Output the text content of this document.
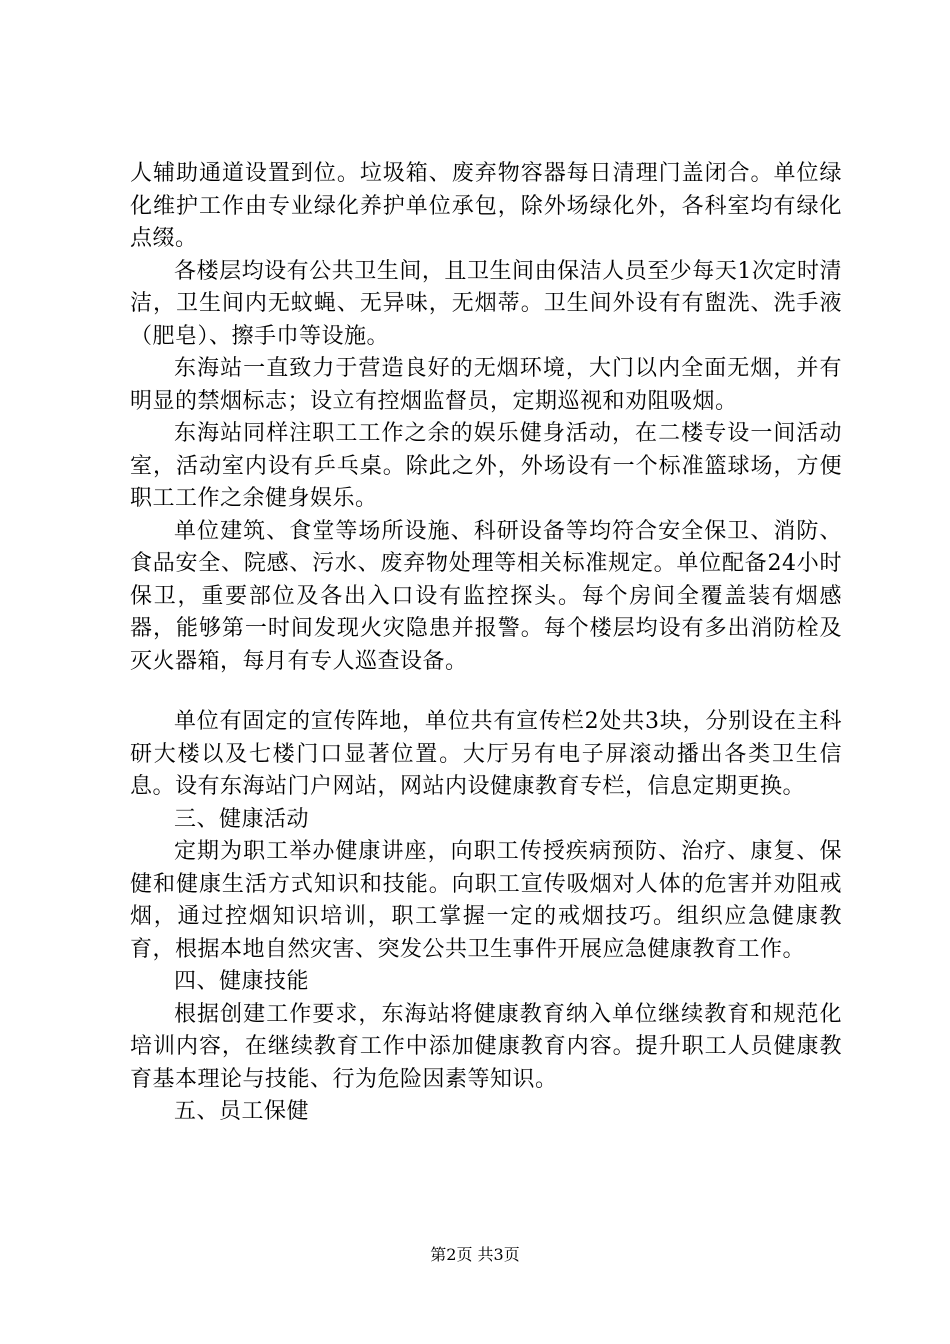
人辅助通道设置到位。垃圾箱、废弃物容器每日清理门盖闭合。单位绿化维护工作由专业绿化养护单位承包，除外场绿化外，各科室均有绿化点缀。

各楼层均设有公共卫生间，且卫生间由保洁人员至少每天1次定时清洁，卫生间内无蚊蝇、无异味，无烟蒂。卫生间外设有有盥洗、洗手液（肥皂）、擦手巾等设施。

东海站一直致力于营造良好的无烟环境，大门以内全面无烟，并有明显的禁烟标志；设立有控烟监督员，定期巡视和劝阻吸烟。

东海站同样注职工工作之余的娱乐健身活动，在二楼专设一间活动室，活动室内设有乒乓桌。除此之外，外场设有一个标准篮球场，方便职工工作之余健身娱乐。

单位建筑、食堂等场所设施、科研设备等均符合安全保卫、消防、食品安全、院感、污水、废弃物处理等相关标准规定。单位配备24小时保卫，重要部位及各出入口设有监控探头。每个房间全覆盖装有烟感器，能够第一时间发现火灾隐患并报警。每个楼层均设有多出消防栓及灭火器箱，每月有专人巡查设备。

单位有固定的宣传阵地，单位共有宣传栏2处共3块，分别设在主科研大楼以及七楼门口显著位置。大厅另有电子屏滚动播出各类卫生信息。设有东海站门户网站，网站内设健康教育专栏，信息定期更换。

三、健康活动

定期为职工举办健康讲座，向职工传授疾病预防、治疗、康复、保健和健康生活方式知识和技能。向职工宣传吸烟对人体的危害并劝阻戒烟，通过控烟知识培训，职工掌握一定的戒烟技巧。组织应急健康教育，根据本地自然灾害、突发公共卫生事件开展应急健康教育工作。

四、健康技能

根据创建工作要求，东海站将健康教育纳入单位继续教育和规范化培训内容，在继续教育工作中添加健康教育内容。提升职工人员健康教育基本理论与技能、行为危险因素等知识。

五、员工保健

第2页 共3页
